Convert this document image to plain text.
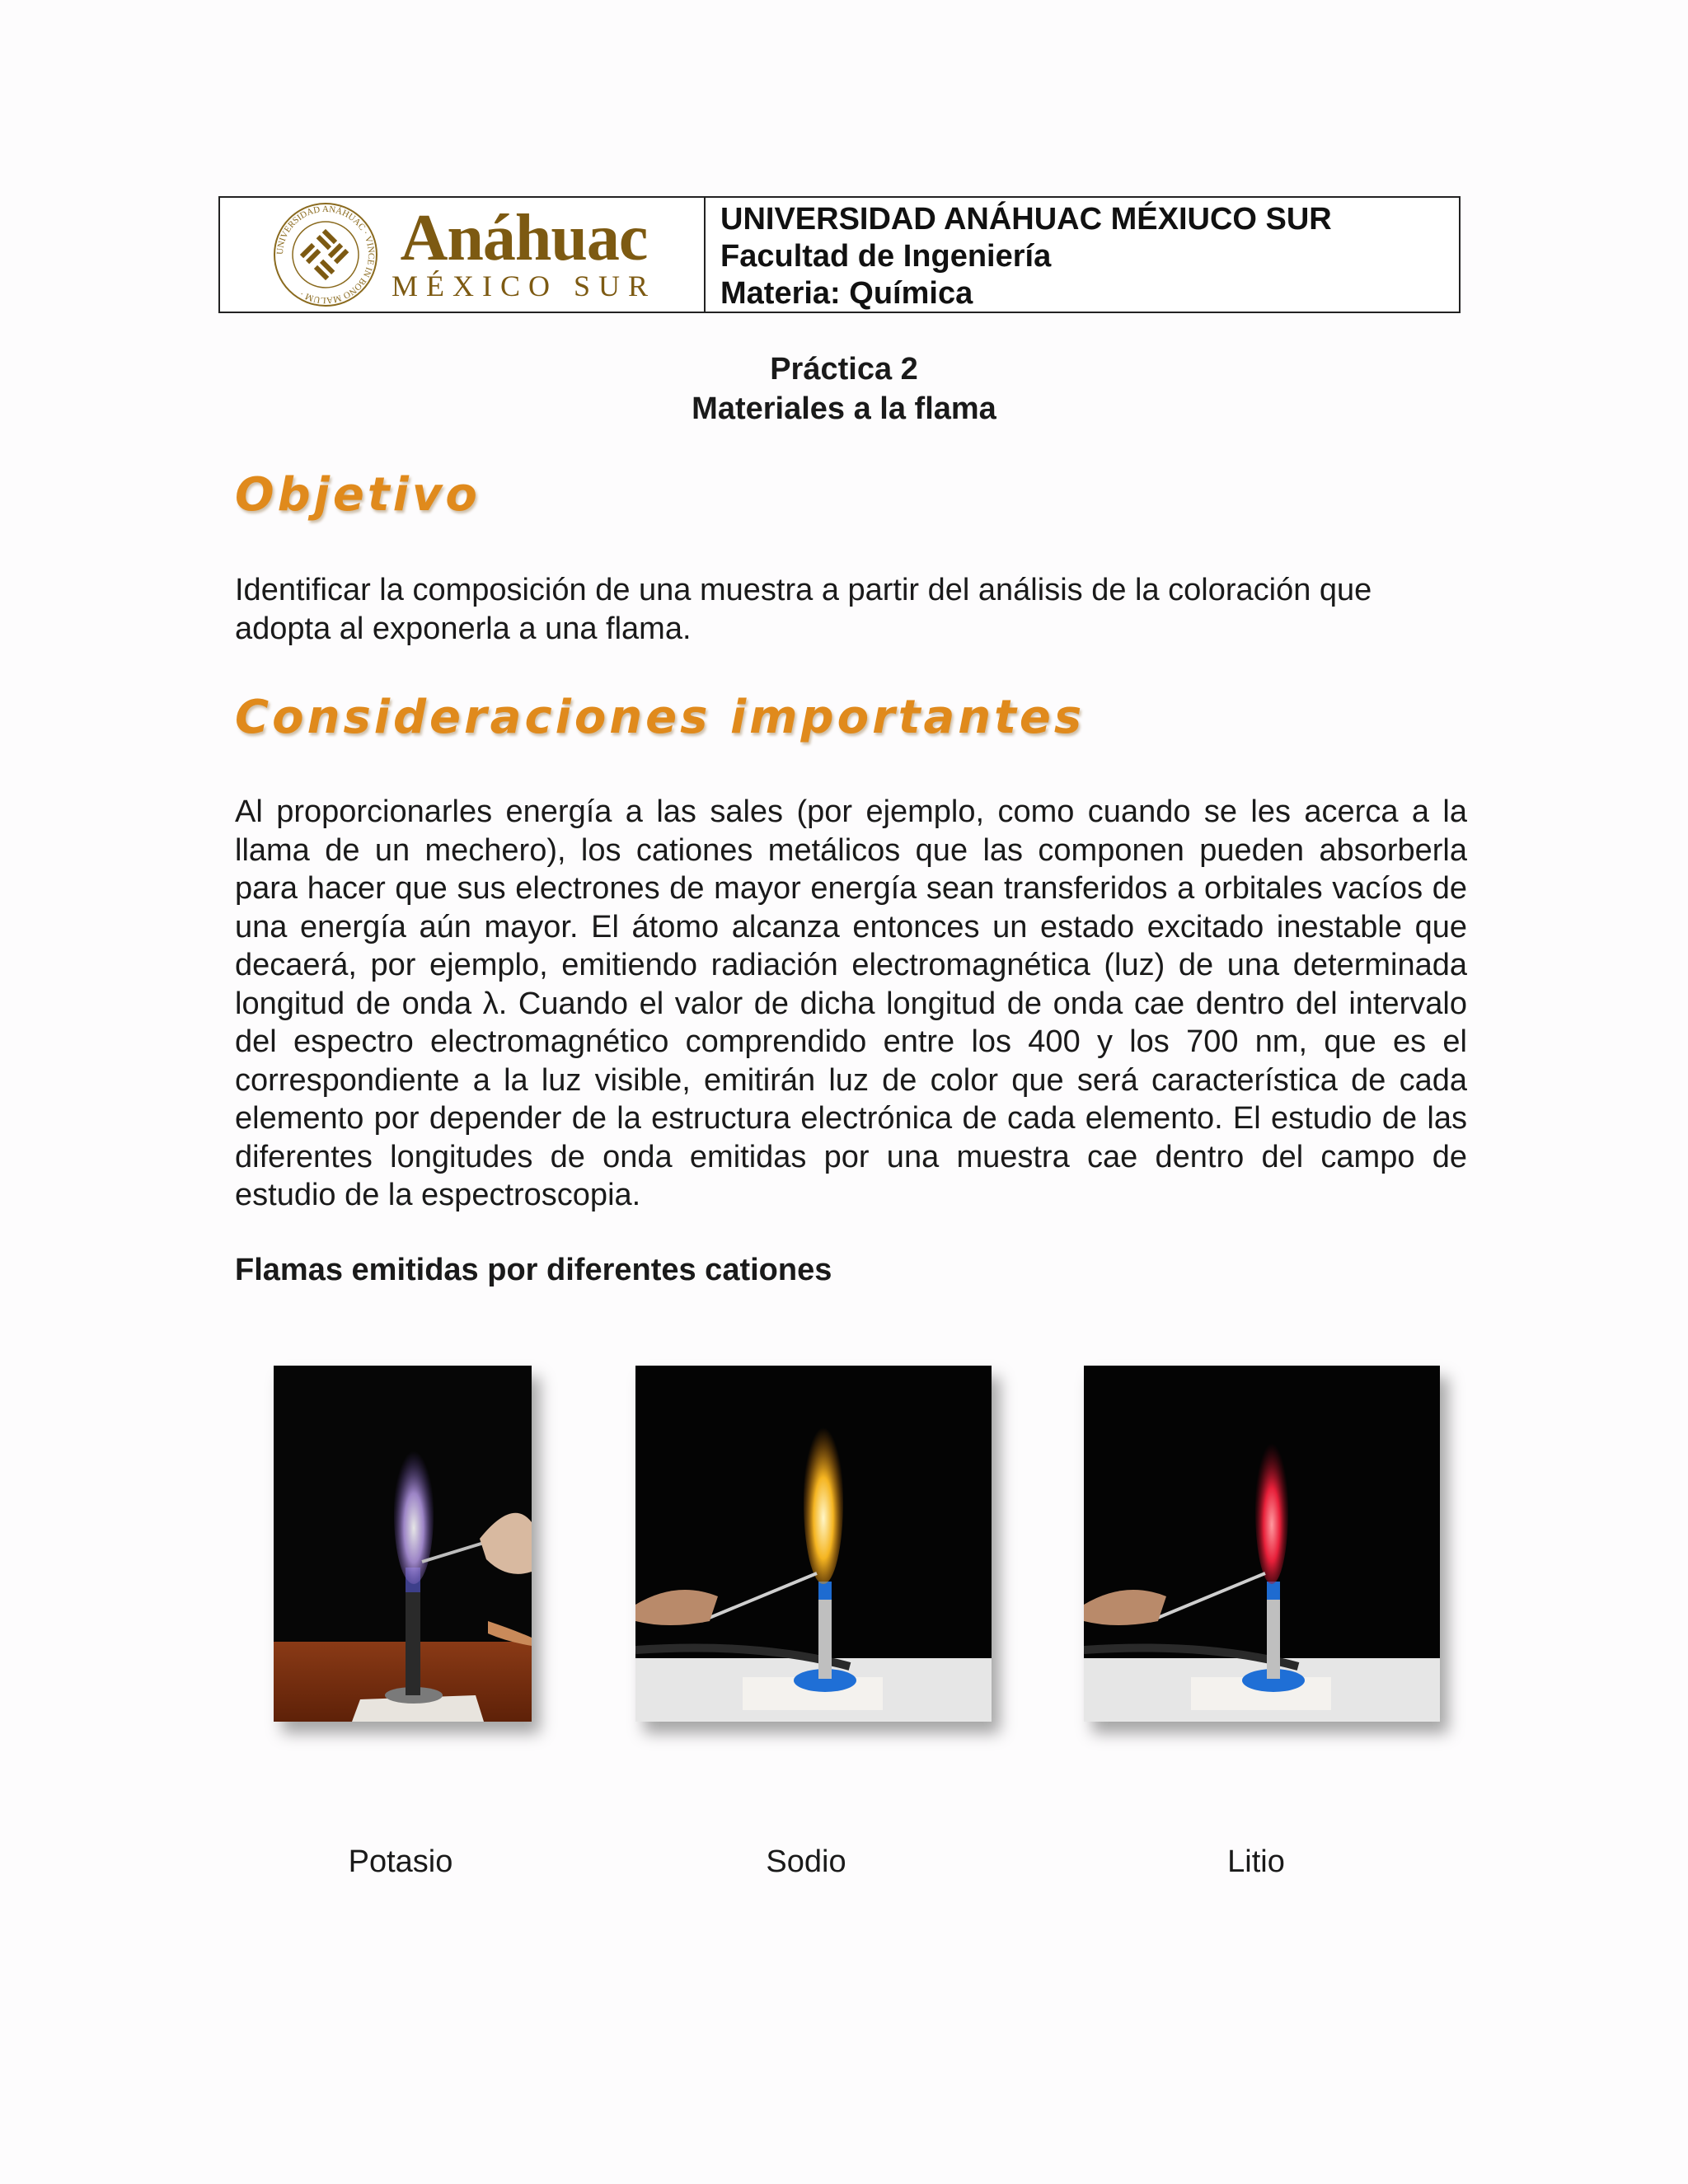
UNIVERSIDAD ANÁHUAC · VINCE IN BONO MALUM ·
Anáhuac
MÉXICO SUR
UNIVERSIDAD ANÁHUAC MÉXIUCO SUR
Facultad de Ingeniería
Materia: Química
Práctica 2
Materiales a la flama
Objetivo
Identificar la composición de una muestra a partir del análisis de la coloración que adopta al exponerla a una flama.
Consideraciones importantes
Al proporcionarles energía a las sales (por ejemplo, como cuando se les acerca a la llama de un mechero), los cationes metálicos que las componen pueden absorberla para hacer que sus electrones de mayor energía sean transferidos a orbitales vacíos de una energía aún mayor. El átomo alcanza entonces un estado excitado inestable que decaerá, por ejemplo, emitiendo radiación electromagnética (luz) de una determinada longitud de onda λ. Cuando el valor de dicha longitud de onda cae dentro del intervalo del espectro electromagnético comprendido entre los 400 y los 700 nm, que es el correspondiente a la luz visible, emitirán luz de color que será característica de cada elemento por depender de la estructura electrónica de cada elemento. El estudio de las diferentes longitudes de onda emitidas por una muestra cae dentro del campo de estudio de la espectroscopia.
Flamas emitidas por diferentes cationes
Potasio	Sodio	Litio
